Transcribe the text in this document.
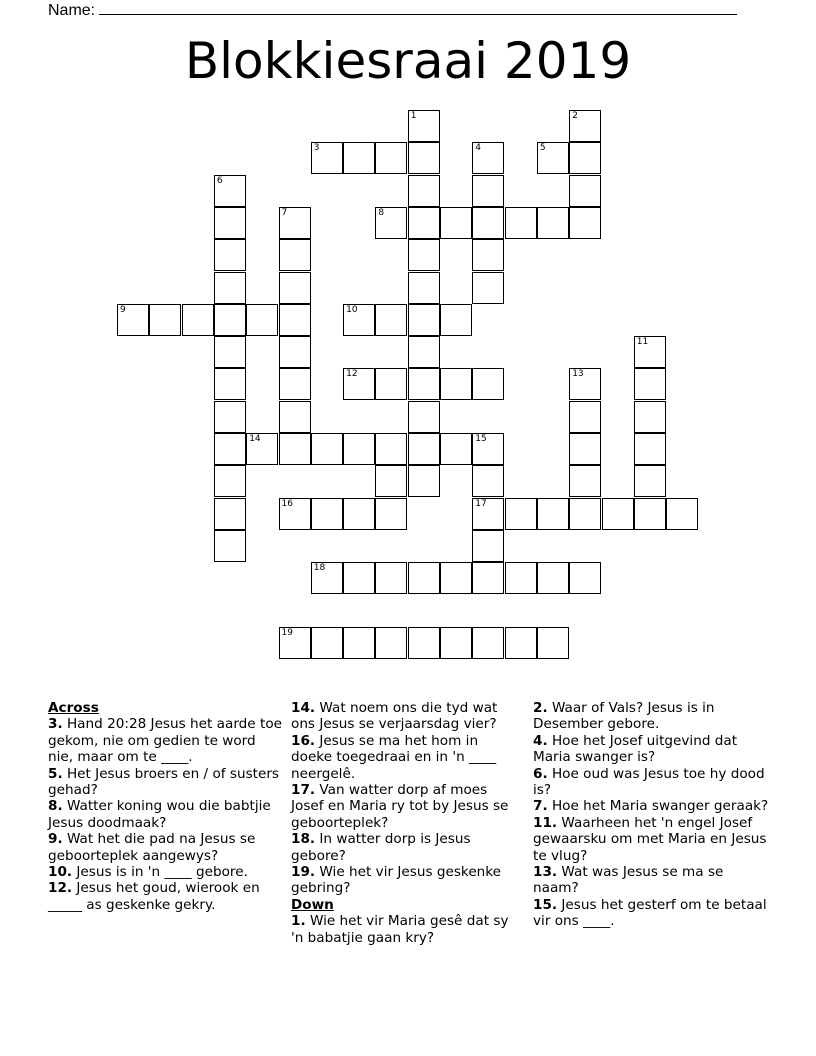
Name:
Blokkiesraai 2019
1	2
3	4	5
6
7	8
9	10
11
12	13
14	15
16	17
18
19
Across
3. Hand 20:28 Jesus het aarde toe gekom, nie om gedien te word nie, maar om te ____.
5. Het Jesus broers en / of susters gehad?
8. Watter koning wou die babtjie Jesus doodmaak?
9. Wat het die pad na Jesus se geboorteplek aangewys?
10. Jesus is in 'n ____ gebore.
12. Jesus het goud, wierook en _____ as geskenke gekry.
14. Wat noem ons die tyd wat ons Jesus se verjaarsdag vier?
16. Jesus se ma het hom in doeke toegedraai en in 'n ____ neergelê.
17. Van watter dorp af moes Josef en Maria ry tot by Jesus se geboorteplek?
18. In watter dorp is Jesus gebore?
19. Wie het vir Jesus geskenke gebring?
Down
1. Wie het vir Maria gesê dat sy 'n babatjie gaan kry?
2. Waar of Vals? Jesus is in Desember gebore.
4. Hoe het Josef uitgevind dat Maria swanger is?
6. Hoe oud was Jesus toe hy dood is?
7. Hoe het Maria swanger geraak?
11. Waarheen het 'n engel Josef gewaarsku om met Maria en Jesus te vlug?
13. Wat was Jesus se ma se naam?
15. Jesus het gesterf om te betaal vir ons ____.
